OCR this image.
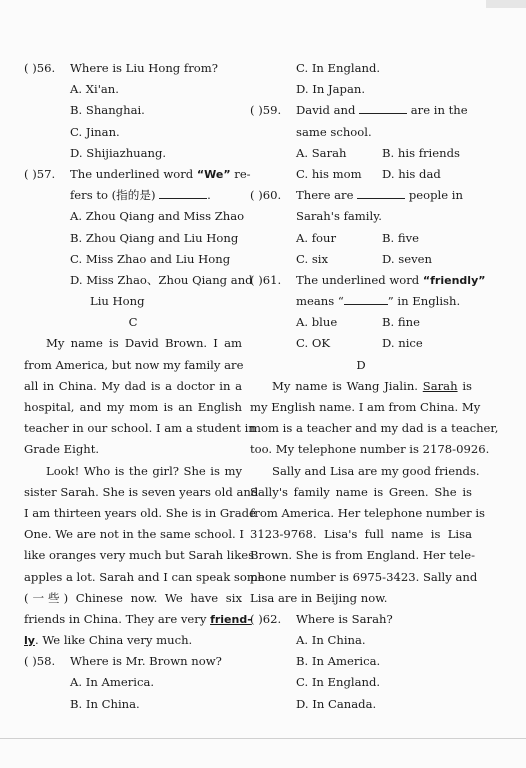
( )56. Where is Liu Hong from?
A. Xi'an.
B. Shanghai.
C. Jinan.
D. Shijiazhuang.
( )57. The underlined word “We” re-
fers to (指的是)	.
A. Zhou Qiang and Miss Zhao
B. Zhou Qiang and Liu Hong
C. Miss Zhao and Liu Hong
D. Miss Zhao、Zhou Qiang and
Liu Hong
C
My name is David Brown. I am
from America, but now my family are
all in China. My dad is a doctor in a
hospital, and my mom is an English
teacher in our school. I am a student in
Grade Eight.
Look! Who is the girl? She is my
sister Sarah. She is seven years old and
I am thirteen years old. She is in Grade
One. We are not in the same school. I
like oranges very much but Sarah likes
apples a lot. Sarah and I can speak some
(一些) Chinese now. We have six
friends in China. They are very friend-
ly. We like China very much.
( )58. Where is Mr. Brown now?
A. In America.
B. In China.
C. In England.
D. In Japan.
( )59. David and	are in the
same school.
A. Sarah	B. his friends
C. his mom D. his dad
( )60. There are	people in
Sarah's family.
A. four	B. five
C. six	D. seven
( )61. The underlined word “friendly”
means “	” in English.
A. blue	B. fine
C. OK	D. nice
D
My name is Wang Jialin. Sarah is
my English name. I am from China. My
mom is a teacher and my dad is a teacher,
too. My telephone number is 2178-0926.
Sally and Lisa are my good friends.
Sally's family name is Green. She is
from America. Her telephone number is
3123-9768. Lisa's full name is Lisa
Brown. She is from England. Her tele-
phone number is 6975-3423. Sally and
Lisa are in Beijing now.
( )62. Where is Sarah?
A. In China.
B. In America.
C. In England.
D. In Canada.
